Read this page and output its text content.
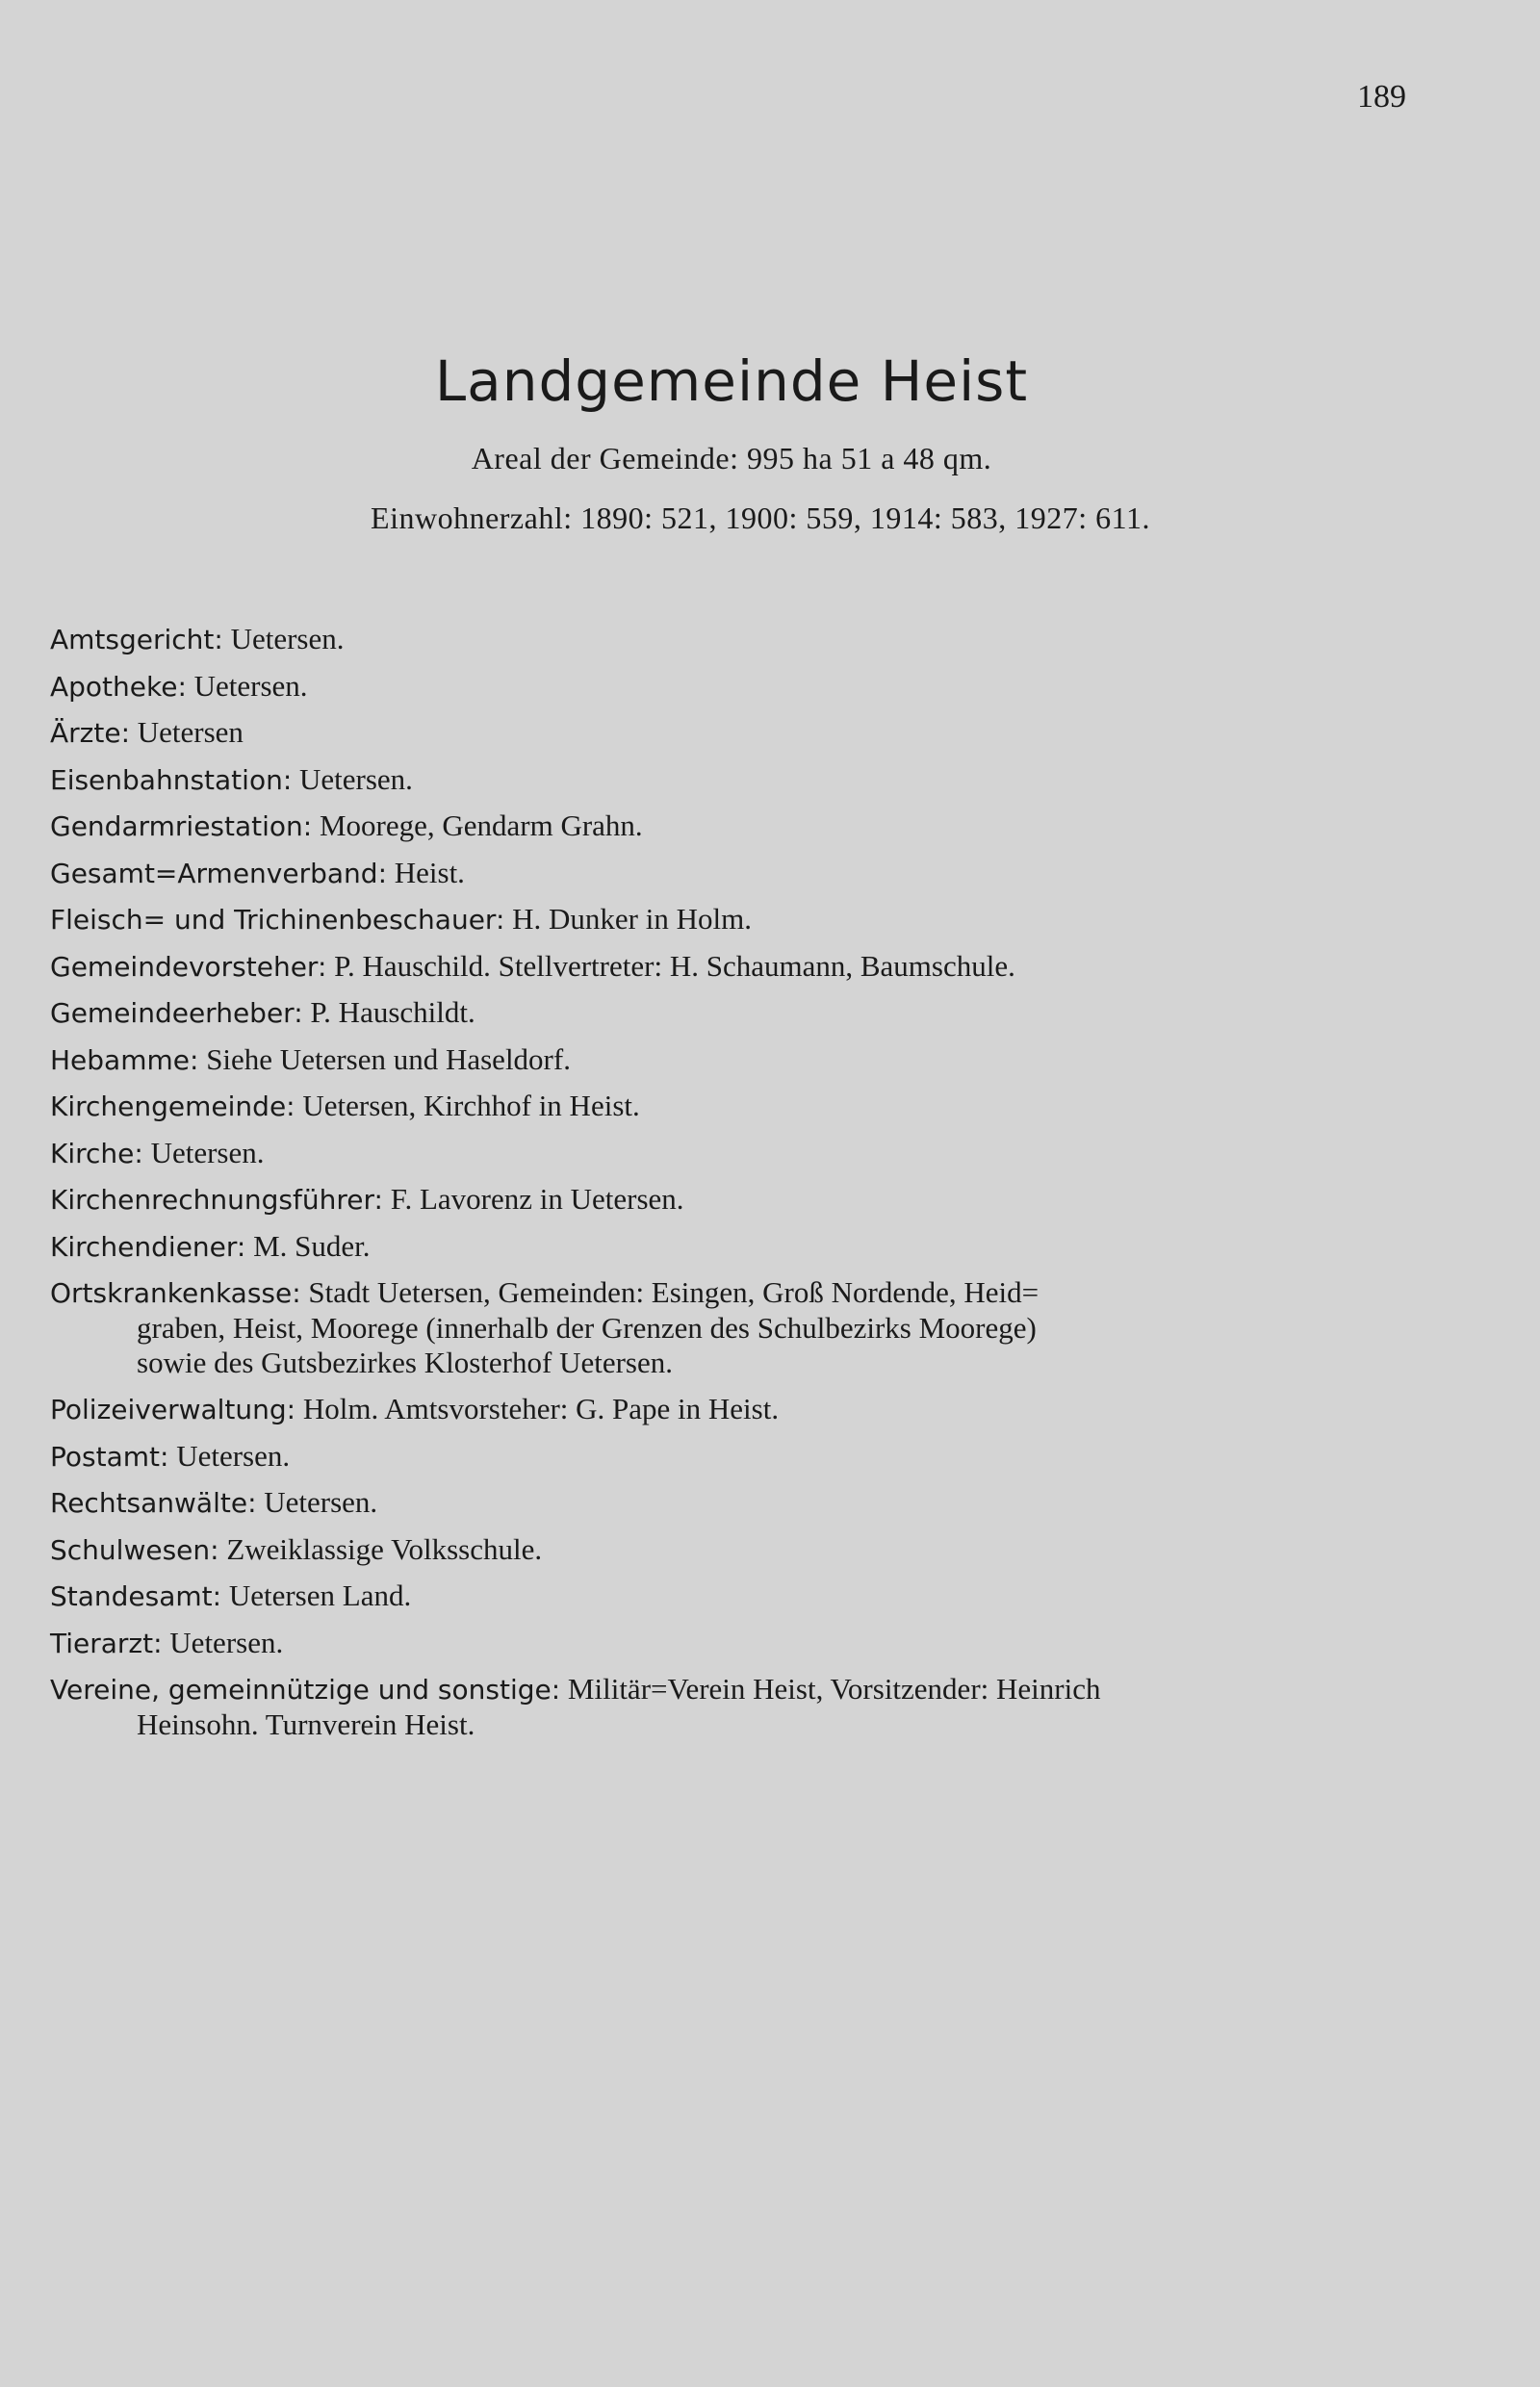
189
Landgemeinde Heist
Areal der Gemeinde: 995 ha 51 a 48 qm.
Einwohnerzahl: 1890: 521, 1900: 559, 1914: 583, 1927: 611.
Amtsgericht: Uetersen.
Apotheke: Uetersen.
Ärzte: Uetersen
Eisenbahnstation: Uetersen.
Gendarmriestation: Moorege, Gendarm Grahn.
Gesamt=Armenverband: Heist.
Fleisch= und Trichinenbeschauer: H. Dunker in Holm.
Gemeindevorsteher: P. Hauschild. Stellvertreter: H. Schaumann, Baumschule.
Gemeindeerheber: P. Hauschildt.
Hebamme: Siehe Uetersen und Haseldorf.
Kirchengemeinde: Uetersen, Kirchhof in Heist.
Kirche: Uetersen.
Kirchenrechnungsführer: F. Lavorenz in Uetersen.
Kirchendiener: M. Suder.
Ortskrankenkasse: Stadt Uetersen, Gemeinden: Esingen, Groß Nordende, Heid=
graben, Heist, Moorege (innerhalb der Grenzen des Schulbezirks Moorege)
sowie des Gutsbezirkes Klosterhof Uetersen.
Polizeiverwaltung: Holm. Amtsvorsteher: G. Pape in Heist.
Postamt: Uetersen.
Rechtsanwälte: Uetersen.
Schulwesen: Zweiklassige Volksschule.
Standesamt: Uetersen Land.
Tierarzt: Uetersen.
Vereine, gemeinnützige und sonstige: Militär=Verein Heist, Vorsitzender: Heinrich
Heinsohn. Turnverein Heist.
